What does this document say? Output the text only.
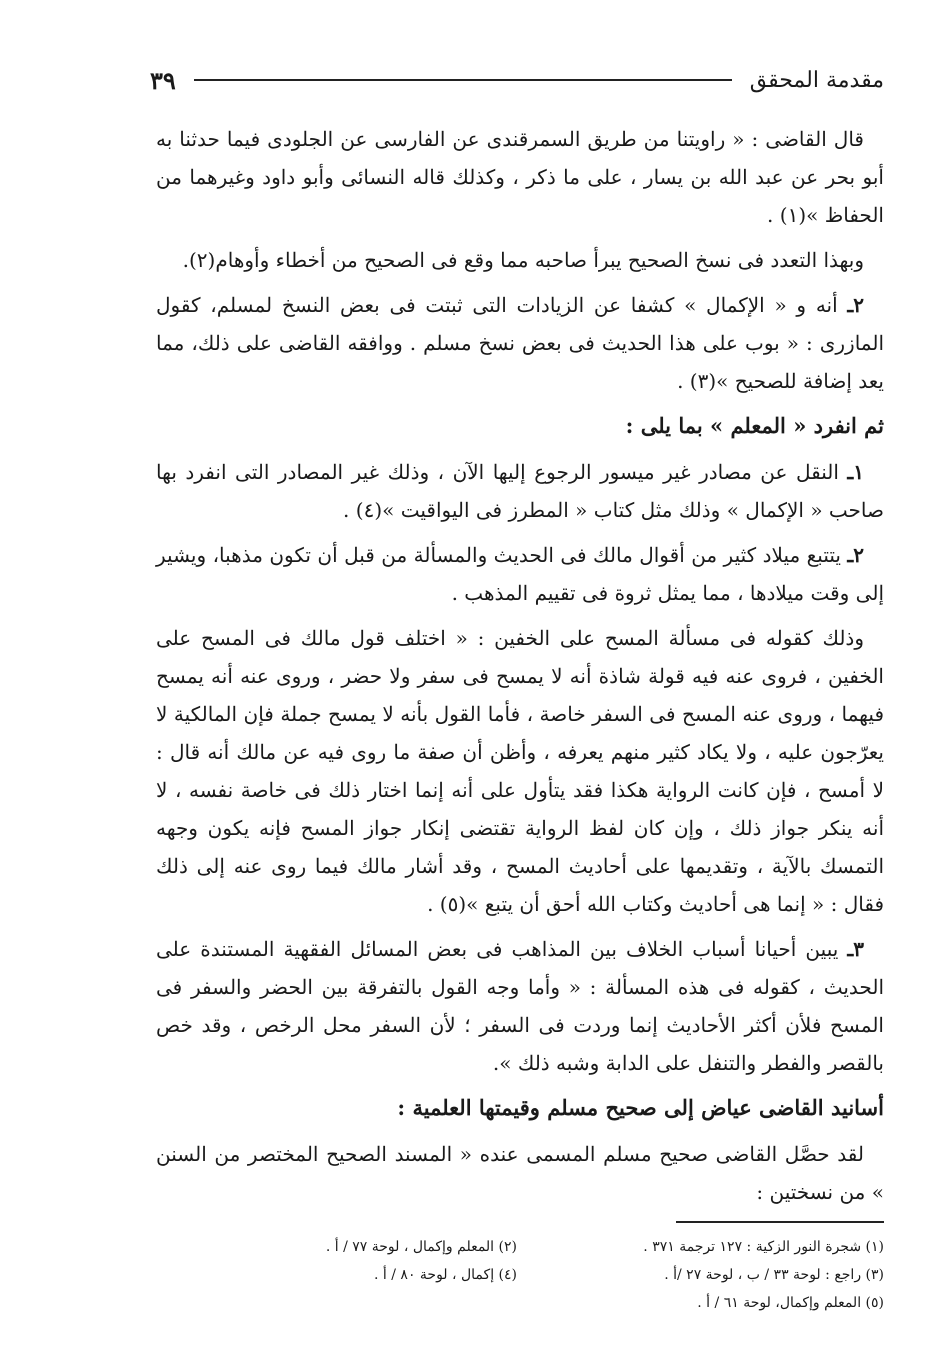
مقدمة المحقق
٣٩

قال القاضى : « راويتنا من طريق السمرقندى عن الفارسى عن الجلودى فيما حدثنا به أبو بحر عن عبد الله بن يسار ، على ما ذكر ، وكذلك قاله النسائى وأبو داود وغيرهما من الحفاظ »(١) .

وبهذا التعدد فى نسخ الصحيح يبرأ صاحبه مما وقع فى الصحيح من أخطاء وأوهام(٢).

٢ـ أنه و « الإكمال » كشفا عن الزيادات التى ثبتت فى بعض النسخ لمسلم، كقول المازرى : « بوب على هذا الحديث فى بعض نسخ مسلم . ووافقه القاضى على ذلك، مما يعد إضافة للصحيح »(٣) .

ثم انفرد « المعلم » بما يلى :

١ـ النقل عن مصادر غير ميسور الرجوع إليها الآن ، وذلك غير المصادر التى انفرد بها صاحب « الإكمال » وذلك مثل كتاب « المطرز فى اليواقيت »(٤) .

٢ـ يتتبع ميلاد كثير من أقوال مالك فى الحديث والمسألة من قبل أن تكون مذهبا، ويشير إلى وقت ميلادها ، مما يمثل ثروة فى تقييم المذهب .

وذلك كقوله فى مسألة المسح على الخفين : « اختلف قول مالك فى المسح على الخفين ، فروى عنه فيه قولة شاذة أنه لا يمسح فى سفر ولا حضر ، وروى عنه أنه يمسح فيهما ، وروى عنه المسح فى السفر خاصة ، فأما القول بأنه لا يمسح جملة فإن المالكية لا يعرّجون عليه ، ولا يكاد كثير منهم يعرفه ، وأظن أن صفة ما روى فيه عن مالك أنه قال : لا أمسح ، فإن كانت الرواية هكذا فقد يتأول على أنه إنما اختار ذلك فى خاصة نفسه ، لا أنه ينكر جواز ذلك ، وإن كان لفظ الرواية تقتضى إنكار جواز المسح فإنه يكون وجهه التمسك بالآية ، وتقديمها على أحاديث المسح ، وقد أشار مالك فيما روى عنه إلى ذلك فقال : « إنما هى أحاديث وكتاب الله أحق أن يتبع »(٥) .

٣ـ يبين أحيانا أسباب الخلاف بين المذاهب فى بعض المسائل الفقهية المستندة على الحديث ، كقوله فى هذه المسألة : « وأما وجه القول بالتفرقة بين الحضر والسفر فى المسح فلأن أكثر الأحاديث إنما وردت فى السفر ؛ لأن السفر محل الرخص ، وقد خص بالقصر والفطر والتنفل على الدابة وشبه ذلك ».

أسانيد القاضى عياض إلى صحيح مسلم وقيمتها العلمية :

لقد حصَّل القاضى صحيح مسلم المسمى عنده « المسند الصحيح المختصر من السنن » من نسختين :

(١) شجرة النور الزكية : ١٢٧ ترجمة ٣٧١ .
(٢) المعلم وإكمال ، لوحة ٧٧ / أ .
(٣) راجع : لوحة ٣٣ / ب ، لوحة ٢٧ /أ .
(٤) إكمال ، لوحة ٨٠ / أ .
(٥) المعلم وإكمال، لوحة ٦١ / أ .
